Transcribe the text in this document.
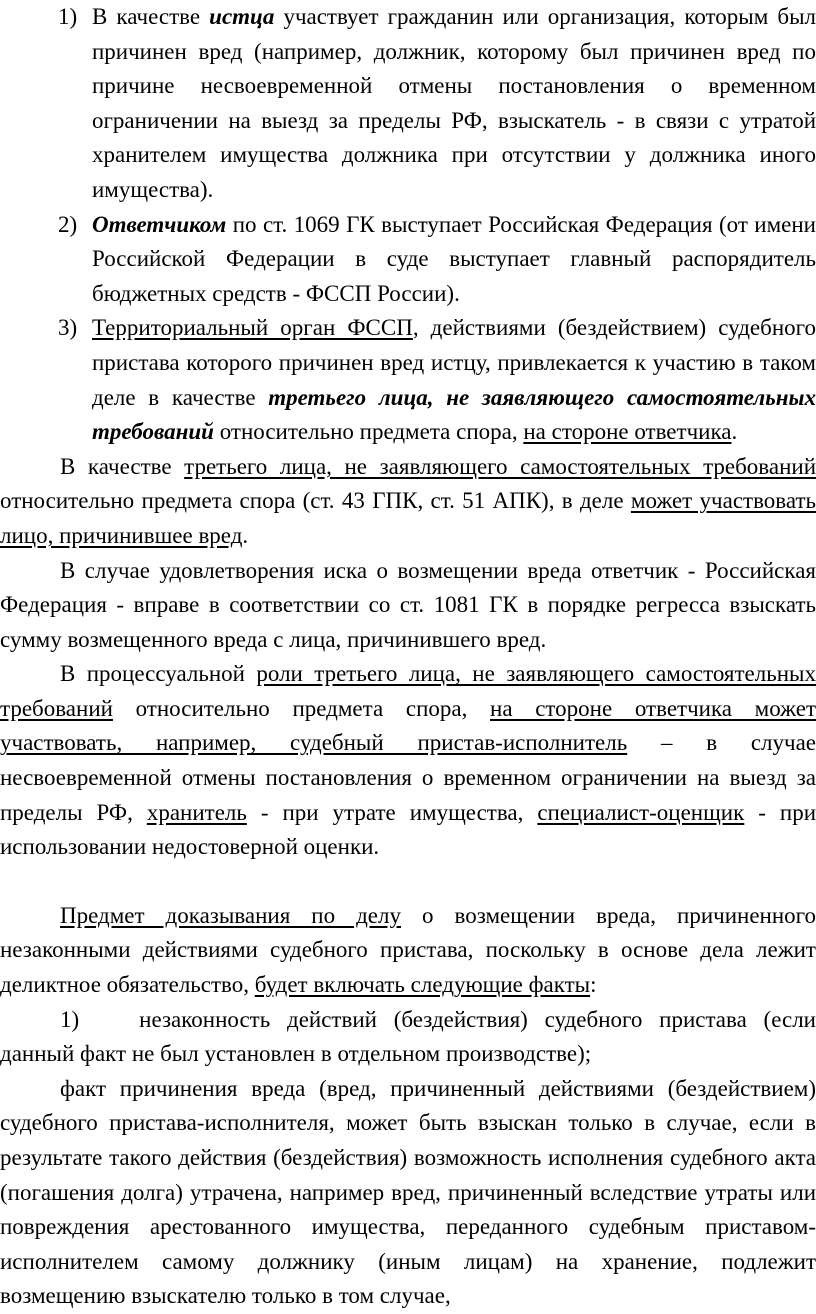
1) В качестве истца участвует гражданин или организация, которым был причинен вред (например, должник, которому был причинен вред по причине несвоевременной отмены постановления о временном ограничении на выезд за пределы РФ, взыскатель - в связи с утратой хранителем имущества должника при отсутствии у должника иного имущества).

2) Ответчиком по ст. 1069 ГК выступает Российская Федерация (от имени Российской Федерации в суде выступает главный распорядитель бюджетных средств - ФССП России).

3) Территориальный орган ФССП, действиями (бездействием) судебного пристава которого причинен вред истцу, привлекается к участию в таком деле в качестве третьего лица, не заявляющего самостоятельных требований относительно предмета спора, на стороне ответчика.

В качестве третьего лица, не заявляющего самостоятельных требований относительно предмета спора (ст. 43 ГПК, ст. 51 АПК), в деле может участвовать лицо, причинившее вред.

В случае удовлетворения иска о возмещении вреда ответчик - Российская Федерация - вправе в соответствии со ст. 1081 ГК в порядке регресса взыскать сумму возмещенного вреда с лица, причинившего вред.

В процессуальной роли третьего лица, не заявляющего самостоятельных требований относительно предмета спора, на стороне ответчика может участвовать, например, судебный пристав-исполнитель – в случае несвоевременной отмены постановления о временном ограничении на выезд за пределы РФ, хранитель - при утрате имущества, специалист-оценщик - при использовании недостоверной оценки.

Предмет доказывания по делу о возмещении вреда, причиненного незаконными действиями судебного пристава, поскольку в основе дела лежит деликтное обязательство, будет включать следующие факты:

1)	незаконность действий (бездействия) судебного пристава (если данный факт не был установлен в отдельном производстве);

факт причинения вреда (вред, причиненный действиями (бездействием) судебного пристава-исполнителя, может быть взыскан только в случае, если в результате такого действия (бездействия) возможность исполнения судебного акта (погашения долга) утрачена, например вред, причиненный вследствие утраты или повреждения арестованного имущества, переданного судебным приставом-исполнителем самому должнику (иным лицам) на хранение, подлежит возмещению взыскателю только в том случае,
